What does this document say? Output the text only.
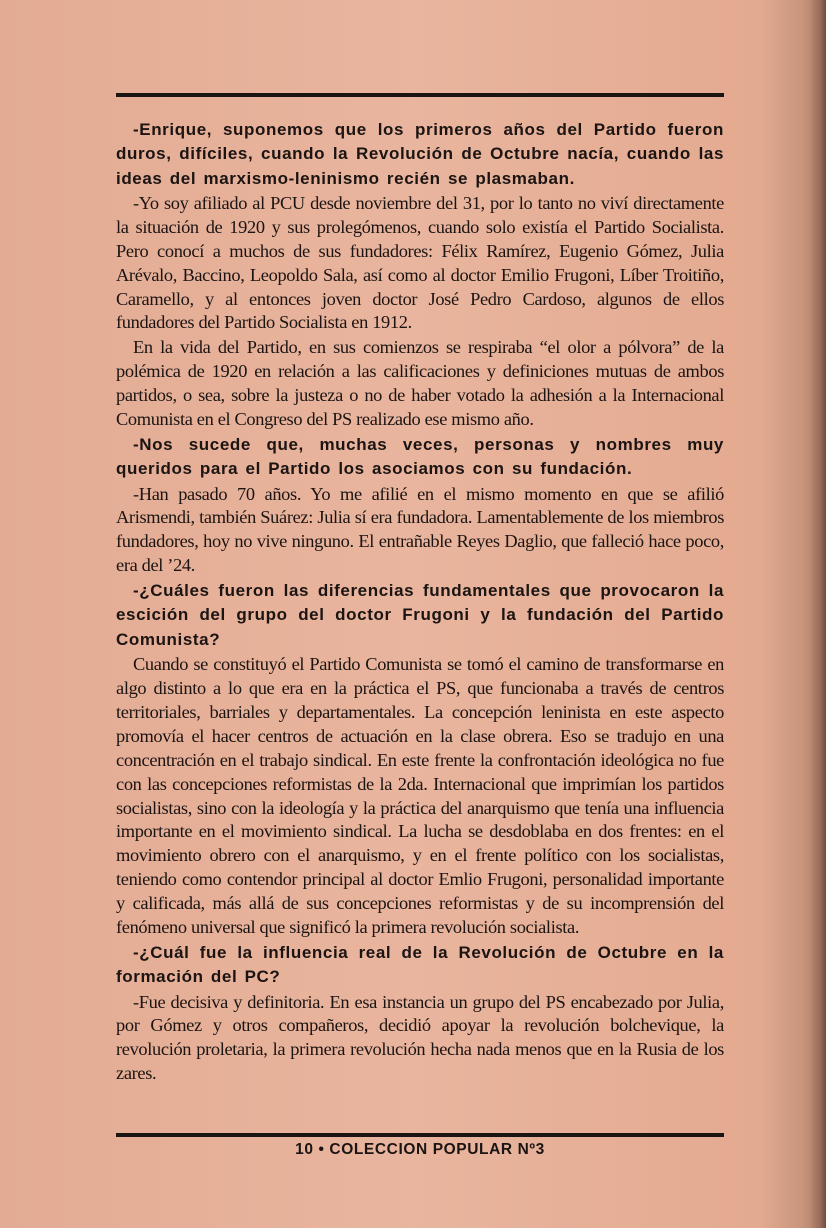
-Enrique, suponemos que los primeros años del Partido fueron duros, difíciles, cuando la Revolución de Octubre nacía, cuando las ideas del marxismo-leninismo recién se plasmaban.

-Yo soy afiliado al PCU desde noviembre del 31, por lo tanto no viví directamente la situación de 1920 y sus prolegómenos, cuando solo existía el Partido Socialista. Pero conocí a muchos de sus fundadores: Félix Ramírez, Eugenio Gómez, Julia Arévalo, Baccino, Leopoldo Sala, así como al doctor Emilio Frugoni, Líber Troitiño, Caramello, y al entonces joven doctor José Pedro Cardoso, algunos de ellos fundadores del Partido Socialista en 1912.

En la vida del Partido, en sus comienzos se respiraba “el olor a pólvora” de la polémica de 1920 en relación a las calificaciones y definiciones mutuas de ambos partidos, o sea, sobre la justeza o no de haber votado la adhesión a la Internacional Comunista en el Congreso del PS realizado ese mismo año.

-Nos sucede que, muchas veces, personas y nombres muy queridos para el Partido los asociamos con su fundación.

-Han pasado 70 años. Yo me afilié en el mismo momento en que se afilió Arismendi, también Suárez: Julia sí era fundadora. Lamentablemente de los miembros fundadores, hoy no vive ninguno. El entrañable Reyes Daglio, que falleció hace poco, era del ’24.

-¿Cuáles fueron las diferencias fundamentales que provocaron la escición del grupo del doctor Frugoni y la fundación del Partido Comunista?

Cuando se constituyó el Partido Comunista se tomó el camino de transformarse en algo distinto a lo que era en la práctica el PS, que funcionaba a través de centros territoriales, barriales y departamentales. La concepción leninista en este aspecto promovía el hacer centros de actuación en la clase obrera. Eso se tradujo en una concentración en el trabajo sindical. En este frente la confrontación ideológica no fue con las concepciones reformistas de la 2da. Internacional que imprimían los partidos socialistas, sino con la ideología y la práctica del anarquismo que tenía una influencia importante en el movimiento sindical. La lucha se desdoblaba en dos frentes: en el movimiento obrero con el anarquismo, y en el frente político con los socialistas, teniendo como contendor principal al doctor Emlio Frugoni, personalidad importante y calificada, más allá de sus concepciones reformistas y de su incomprensión del fenómeno universal que significó la primera revolución socialista.

-¿Cuál fue la influencia real de la Revolución de Octubre en la formación del PC?

-Fue decisiva y definitoria. En esa instancia un grupo del PS encabezado por Julia, por Gómez y otros compañeros, decidió apoyar la revolución bolchevique, la revolución proletaria, la primera revolución hecha nada menos que en la Rusia de los zares.

10 • COLECCION POPULAR Nº3
